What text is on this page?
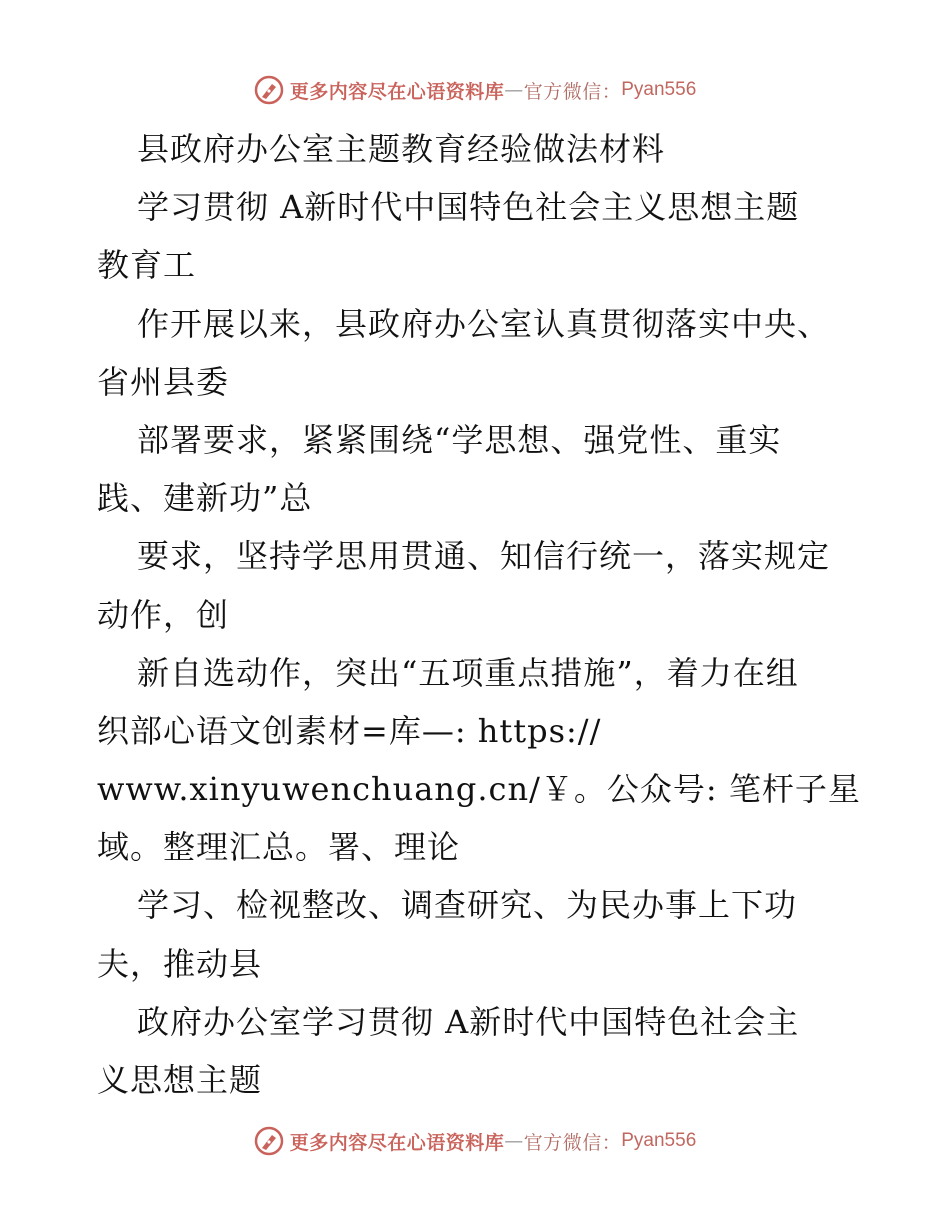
更多内容尽在心语资料库 — 官方微信： Pyan556
县政府办公室主题教育经验做法材料
学习贯彻 A新时代中国特色社会主义思想主题
教育工
作开展以来，县政府办公室认真贯彻落实中央、
省州县委
部署要求，紧紧围绕“学思想、强党性、重实
践、建新功”总
要求，坚持学思用贯通、知信行统一，落实规定
动作，创
新自选动作，突出“五项重点措施”，着力在组
织部心语文创素材=库—: https://
www.xinyuwenchuang.cn/￥。公众号: 笔杆子星
域。整理汇总。署、理论
学习、检视整改、调查研究、为民办事上下功
夫，推动县
政府办公室学习贯彻 A新时代中国特色社会主
义思想主题
更多内容尽在心语资料库 — 官方微信： Pyan556
